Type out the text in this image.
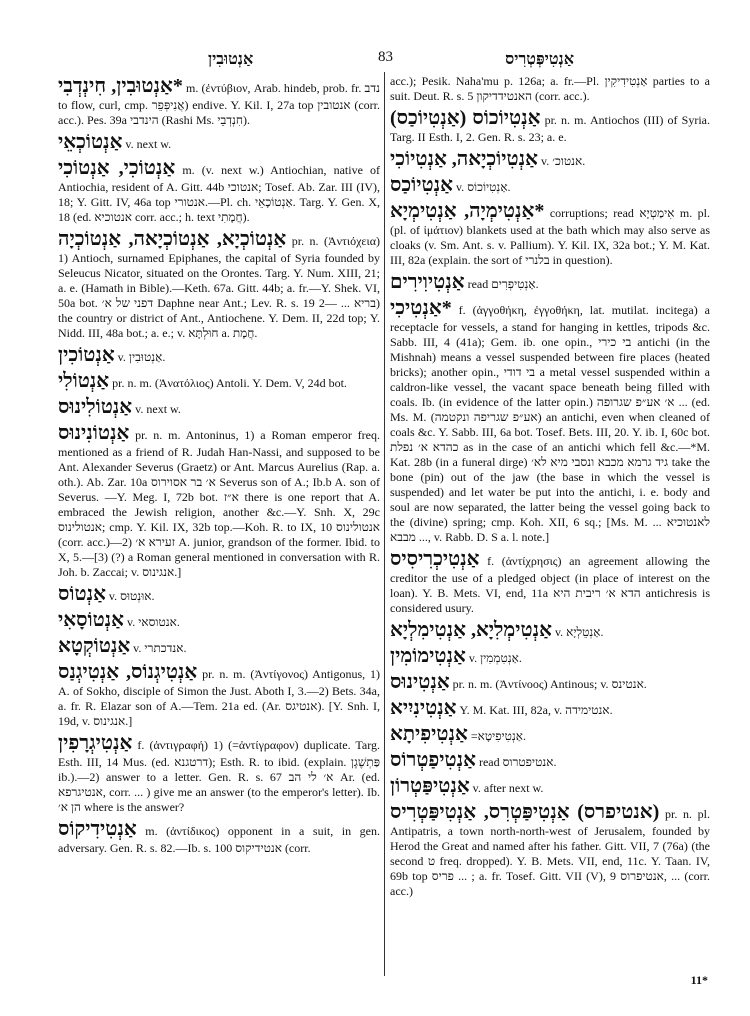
אַנְטוּבִין	83	אַנְטִיפְּטְרִיס
*אַנְטוּבִין, חִינְדְבִי m. (ἐντύβιον, Arab. hindeb, prob. fr. נדב to flow, curl, cmp. אֲנִיפְּפֵר) endive. Y. Kil. I, 27a top אנטובין (corr. acc.). Pes. 39a הינדבי (Rashi Ms. חִנְדְבֵי).
אַנְטוֹכְאֵי v. next w.
אַנְטוֹכִי, אַנְטוֹכִי m. (v. next w.) Antiochian, native of Antiochia, resident of A. Gitt. 44b אנטוכי; Tosef. Ab. Zar. III (IV), 18; Y. Gitt. IV, 46a top אנטורי.—Pl. ch. אַנְטוֹכָאֵי. Targ. Y. Gen. X, 18 (ed. אנטוכיא corr. acc.; h. text חֲמָתִי).
אַנְטוֹכְיָא, אַנְטוֹכְיָאה, אַנְטוֹכְיָה pr. n. (Ἀντιόχεια) 1) Antioch, surnamed Epiphanes, the capital of Syria founded by Seleucus Nicator, situated on the Orontes. Targ. Y. Num. XIII, 21; a. e. (Hamath in Bible).—Keth. 67a. Gitt. 44b; a. fr.—Y. Shek. VI, 50a bot. דפני של א׳ Daphne near Ant.; Lev. R. s. 19 בריא ... —2) the country or district of Ant., Antiochene. Y. Dem. II, 22d top; Y. Nidd. III, 48a bot.; a. e.; v. חוּלְתָּא a. חֲמָת.
אַנְטוֹכִין v. אַנְטוּבִין.
אַנְטוֹלִי pr. n. m. (Ἀνατόλιος) Antoli. Y. Dem. V, 24d bot.
אַנְטוֹלִינוּס v. next w.
אַנְטוֹנִינוּס pr. n. m. Antoninus, 1) a Roman emperor freq. mentioned as a friend of R. Judah Han-Nassi, and supposed to be Ant. Alexander Severus (Graetz) or Ant. Marcus Aurelius (Rap. a. oth.). Ab. Zar. 10a א׳ בר אסוירוס Severus son of A.; Ib.b A. son of Severus. —Y. Meg. I, 72b bot. א״ז there is one report that A. embraced the Jewish religion, another &c.—Y. Snh. X, 29c אנטולינוס; cmp. Y. Kil. IX, 32b top.—Koh. R. to IX, 10 אנטולינוס (corr. acc.)—2) זעירא א׳ A. junior, grandson of the former. Ibid. to X, 5.—[3) (?) a Roman general mentioned in conversation with R. Joh. b. Zaccai; v. אנגינוס.]
אַנְטוֹס v. אוּנְטוּס.
אַנְטוֹסָאִי v. אנטוסאי.
אַנְטוֹקְטָא v. אנדכתרי.
אַנְטִיגְנוֹס, אַנְטִיגְנַס pr. n. m. (Ἀντίγονος) Antigonus, 1) A. of Sokho, disciple of Simon the Just. Aboth I, 3.—2) Bets. 34a, a. fr. R. Elazar son of A.—Tem. 21a ed. (Ar. אנטיגס). [Y. Snh. I, 19d, v. אנגינוס.]
אַנְטִיגְרָפִין f. (ἀντιγραφή) 1) (=ἀντίγραφον) duplicate. Targ. Esth. III, 14 Mus. (ed. דרטגנא); Esth. R. to ibid. (explain. פַּתְשֶׁגֶן ib.).—2) answer to a letter. Gen. R. s. 67 א׳ לי הב Ar. (ed. אנטיגרפא, corr. ... ) give me an answer (to the emperor's letter). Ib. הן א׳ where is the answer?
אַנְטִידִיקוֹס m. (ἀντίδικος) opponent in a suit, in gen. adversary. Gen. R. s. 82.—Ib. s. 100 אנטידיקוס (corr.
acc.); Pesik. Naha'mu p. 126a; a. fr.—Pl. אַנְטִידִיקִין parties to a suit. Deut. R. s. 5 האנטידדיקון (corr. acc.).
אַנְטִיוֹכוֹס (אַנְטִיוֹכַס) pr. n. m. Antiochos (III) of Syria. Targ. II Esth. I, 2. Gen. R. s. 23; a. e.
אַנְטִיוֹכְיָאה, אַנְטִיוֹכִי v. אנטוכ׳.
אַנְטִיוֹכַס v. אַנְטִיוֹכוֹס.
*אַנְטִימְיָה, אַנְטִימְיָא corruptions; read אִימַטְיָא m. pl. (pl. of ἱμάτιον) blankets used at the bath which may also serve as cloaks (v. Sm. Ant. s. v. Pallium). Y. Kil. IX, 32a bot.; Y. M. Kat. III, 82a (explain. the sort of בלנרי in question).
אַנְטִיוִירִים read אַנְטִיפְרִים.
*אַנְטִיכִי f. (ἀγγοθήκη, ἐγγοθήκη, lat. mutilat. incitega) a receptacle for vessels, a stand for hanging in kettles, tripods &c. Sabb. III, 4 (41a); Gem. ib. one opin., בי כירי antichi (in the Mishnah) means a vessel suspended between fire places (heated bricks); another opin., בי דודי a metal vessel suspended within a caldron-like vessel, the vacant space beneath being filled with coals. Ib. (in evidence of the latter opin.) א׳ אע״פ שגרופה ... (ed. Ms. M. (אע״פ שגריפה ונקטמה) an antichi, even when cleaned of coals &c. Y. Sabb. III, 6a bot. Tosef. Bets. III, 20. Y. ib. I, 60c bot. כהדא א׳ נפלת as in the case of an antichi which fell &c.—*M. Kat. 28b (in a funeral dirge) גיד גרמא מכבא ונסבי מיא לא׳ take the bone (pin) out of the jaw (the base in which the vessel is suspended) and let water be put into the antichi, i. e. body and soul are now separated, the latter being the vessel going back to the (divine) spring; cmp. Koh. XII, 6 sq.; [Ms. M. לאנטוכיא ... מבבא ..., v. Rabb. D. S a. l. note.]
אַנְטִיכְרִיסִיס f. (ἀντίχρησις) an agreement allowing the creditor the use of a pledged object (in place of interest on the loan). Y. B. Mets. VI, end, 11a הדא א׳ ריבית היא antichresis is considered usury.
אַנְטִימְלִיָא, אַנְטִימִלְיָא v. אַנְטֵלְיָא.
אַנְטִימוֹמִין v. אַנְטִמְמִין.
אַנְטִינוּס pr. n. m. (Ἀντίνοος) Antinous; v. אנטינס.
אַנְטִינִיִיא Y. M. Kat. III, 82a, v. אנטימידה.
אַנְטִיפִיתָא =אַנְטִיפִיטָא.
אַנְטִיפַטְרוֹס read אנטיפטרוס.
אַנְטִיפַּטְרוֹן v. after next w.
(אנטיפרס) אַנְטִיפַּטְרִס, אַנְטִיפַּטְרִיס pr. n. pl. Antipatris, a town north-north-west of Jerusalem, founded by Herod the Great and named after his father. Gitt. VII, 7 (76a) (the second ט freq. dropped). Y. B. Mets. VII, end, 11c. Y. Taan. IV, 69b top פריס ... ; a. fr. Tosef. Gitt. VII (V), 9 אנטיפרוס, ... (corr. acc.)
11*
